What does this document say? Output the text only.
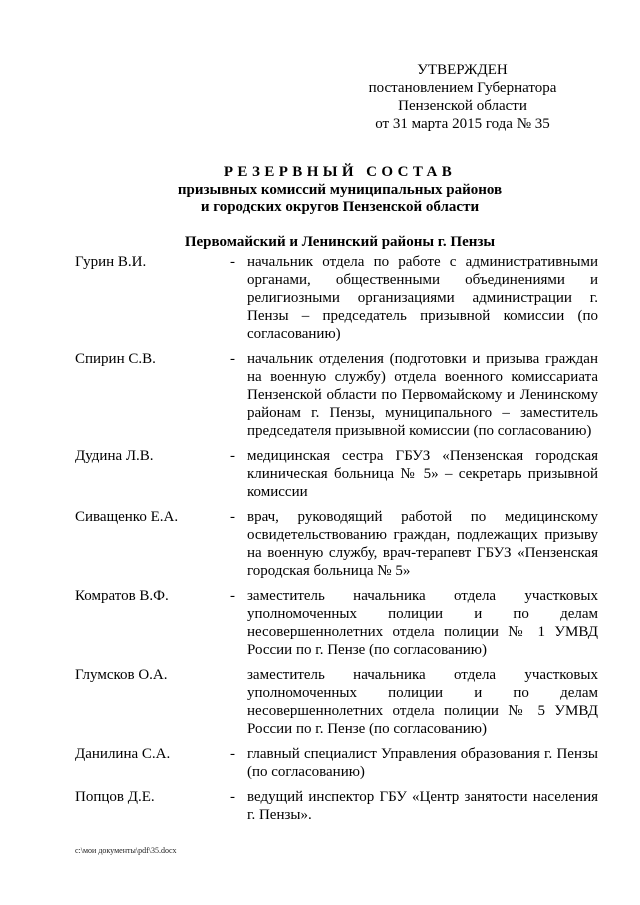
УТВЕРЖДЕН
постановлением Губернатора
Пензенской области
от 31 марта 2015 года № 35
РЕЗЕРВНЫЙ СОСТАВ
призывных комиссий муниципальных районов
и городских округов Пензенской области
Первомайский и Ленинский районы г. Пензы
Гурин В.И.	- начальник отдела по работе с административными органами, общественными объединениями и религиозными организациями администрации г. Пензы – председатель призывной комиссии (по согласованию)
Спирин С.В.	- начальник отделения (подготовки и призыва граждан на военную службу) отдела военного комиссариата Пензенской области по Первомайскому и Ленинскому районам г. Пензы, муниципального – заместитель председателя призывной комиссии (по согласованию)
Дудина Л.В.	- медицинская сестра ГБУЗ «Пензенская городская клиническая больница № 5» – секретарь призывной комиссии
Сиващенко Е.А.	- врач, руководящий работой по медицинскому освидетельствованию граждан, подлежащих призыву на военную службу, врач-терапевт ГБУЗ «Пензенская городская больница № 5»
Комратов В.Ф.	- заместитель начальника отдела участковых уполномоченных полиции и по делам несовершеннолетних отдела полиции № 1 УМВД России по г. Пензе (по согласованию)
Глумсков О.А.	заместитель начальника отдела участковых уполномоченных полиции и по делам несовершеннолетних отдела полиции № 5 УМВД России по г. Пензе (по согласованию)
Данилина С.А.	- главный специалист Управления образования г. Пензы (по согласованию)
Попцов Д.Е.	- ведущий инспектор ГБУ «Центр занятости населения г. Пензы».
c:\мои документы\pdf\35.docx
